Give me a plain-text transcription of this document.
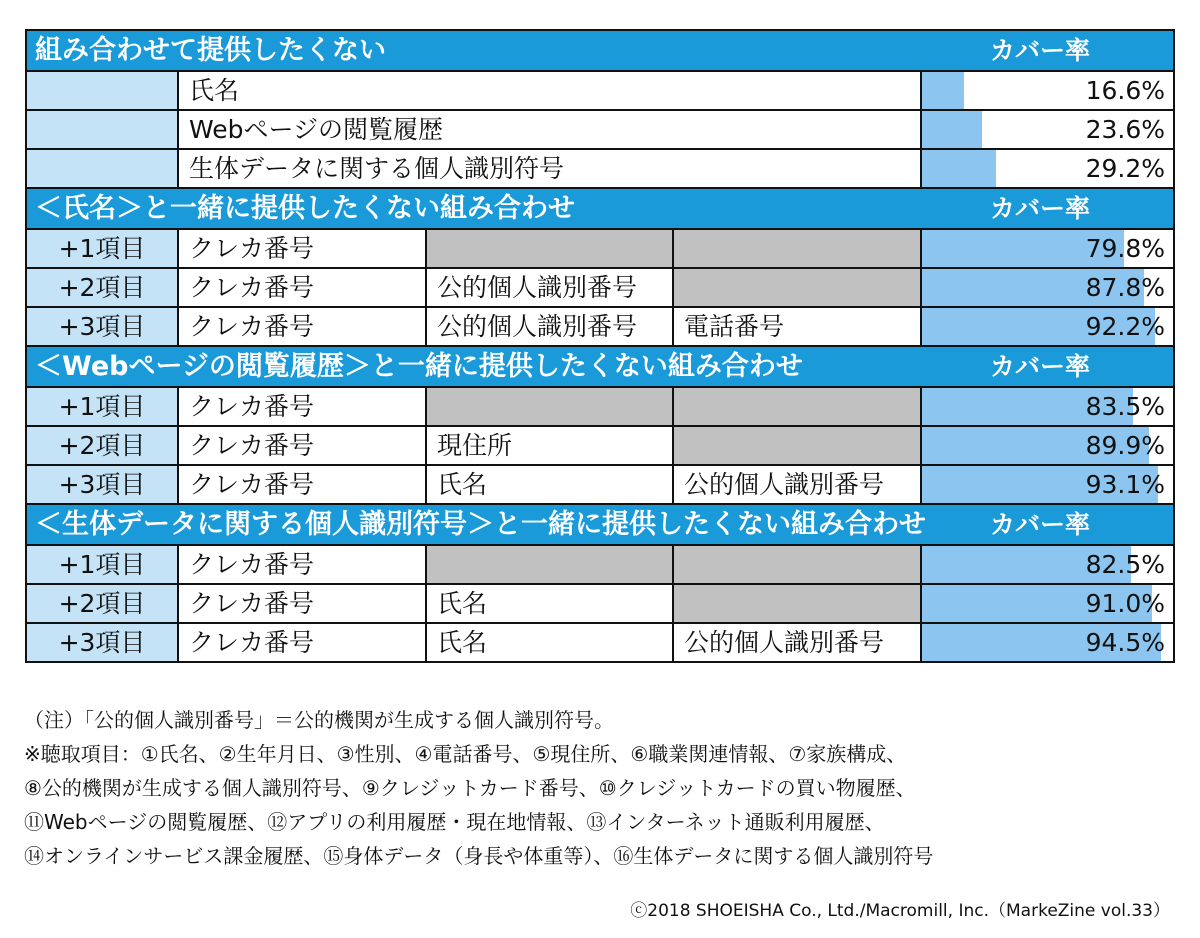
組み合わせて提供したくない	カバー率
氏名	16.6%
Webページの閲覧履歴	23.6%
生体データに関する個人識別符号	29.2%
＜氏名＞と一緒に提供したくない組み合わせ	カバー率
+1項目	クレカ番号	79.8%
+2項目	クレカ番号	公的個人識別番号	87.8%
+3項目	クレカ番号	公的個人識別番号	電話番号	92.2%
＜Webページの閲覧履歴＞と一緒に提供したくない組み合わせ	カバー率
+1項目	クレカ番号	83.5%
+2項目	クレカ番号	現住所	89.9%
+3項目	クレカ番号	氏名	公的個人識別番号	93.1%
＜生体データに関する個人識別符号＞と一緒に提供したくない組み合わせ	カバー率
+1項目	クレカ番号	82.5%
+2項目	クレカ番号	氏名	91.0%
+3項目	クレカ番号	氏名	公的個人識別番号	94.5%
（注）「公的個人識別番号」＝公的機関が生成する個人識別符号。
※聴取項目：①氏名、②生年月日、③性別、④電話番号、⑤現住所、⑥職業関連情報、⑦家族構成、
⑧公的機関が生成する個人識別符号、⑨クレジットカード番号、⑩クレジットカードの買い物履歴、
⑪Webページの閲覧履歴、⑫アプリの利用履歴・現在地情報、⑬インターネット通販利用履歴、
⑭オンラインサービス課金履歴、⑮身体データ（身長や体重等）、⑯生体データに関する個人識別符号
ⓒ2018 SHOEISHA Co., Ltd./Macromill, Inc.（MarkeZine vol.33）
